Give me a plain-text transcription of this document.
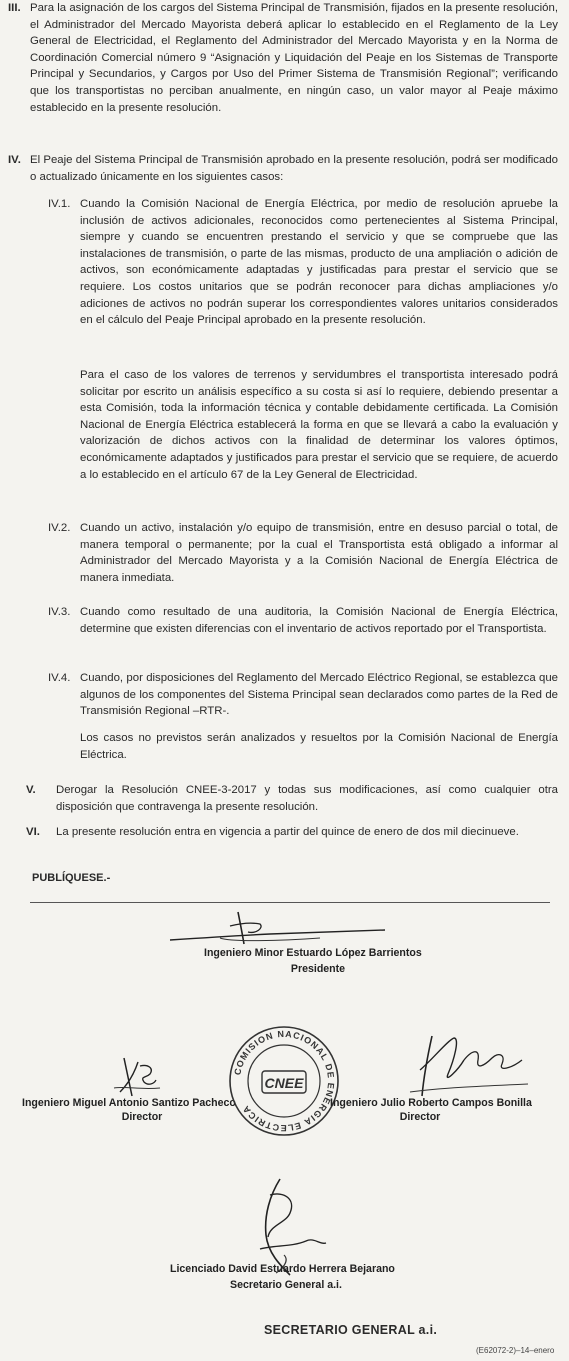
III. Para la asignación de los cargos del Sistema Principal de Transmisión, fijados en la presente resolución, el Administrador del Mercado Mayorista deberá aplicar lo establecido en el Reglamento de la Ley General de Electricidad, el Reglamento del Administrador del Mercado Mayorista y en la Norma de Coordinación Comercial número 9 “Asignación y Liquidación del Peaje en los Sistemas de Transporte Principal y Secundarios, y Cargos por Uso del Primer Sistema de Transmisión Regional”; verificando que los transportistas no perciban anualmente, en ningún caso, un valor mayor al Peaje máximo establecido en la presente resolución.

IV. El Peaje del Sistema Principal de Transmisión aprobado en la presente resolución, podrá ser modificado o actualizado únicamente en los siguientes casos:

IV.1. Cuando la Comisión Nacional de Energía Eléctrica, por medio de resolución apruebe la inclusión de activos adicionales, reconocidos como pertenecientes al Sistema Principal, siempre y cuando se encuentren prestando el servicio y que se compruebe que las instalaciones de transmisión, o parte de las mismas, producto de una ampliación o adición de activos, son económicamente adaptadas y justificadas para prestar el servicio que se requiere. Los costos unitarios que se podrán reconocer para dichas ampliaciones y/o adiciones de activos no podrán superar los correspondientes valores unitarios considerados en el cálculo del Peaje Principal aprobado en la presente resolución.

Para el caso de los valores de terrenos y servidumbres el transportista interesado podrá solicitar por escrito un análisis específico a su costa si así lo requiere, debiendo presentar a esta Comisión, toda la información técnica y contable debidamente certificada. La Comisión Nacional de Energía Eléctrica establecerá la forma en que se llevará a cabo la evaluación y valorización de dichos activos con la finalidad de determinar los valores óptimos, económicamente adaptados y justificados para prestar el servicio que se requiere, de acuerdo a lo establecido en el artículo 67 de la Ley General de Electricidad.

IV.2. Cuando un activo, instalación y/o equipo de transmisión, entre en desuso parcial o total, de manera temporal o permanente; por la cual el Transportista está obligado a informar al Administrador del Mercado Mayorista y a la Comisión Nacional de Energía Eléctrica de manera inmediata.

IV.3. Cuando como resultado de una auditoria, la Comisión Nacional de Energía Eléctrica, determine que existen diferencias con el inventario de activos reportado por el Transportista.

IV.4. Cuando, por disposiciones del Reglamento del Mercado Eléctrico Regional, se establezca que algunos de los componentes del Sistema Principal sean declarados como partes de la Red de Transmisión Regional –RTR-.

Los casos no previstos serán analizados y resueltos por la Comisión Nacional de Energía Eléctrica.

V. Derogar la Resolución CNEE-3-2017 y todas sus modificaciones, así como cualquier otra disposición que contravenga la presente resolución.

VI. La presente resolución entra en vigencia a partir del quince de enero de dos mil diecinueve.

PUBLÍQUESE.-
Ingeniero Minor Estuardo López Barrientos
Presidente
Ingeniero Miguel Antonio Santizo Pacheco
Director
COMISION NACIONAL DE ENERGIA ELECTRICA
CNEE
Ingeniero Julio Roberto Campos Bonilla
Director
Licenciado David Estuardo Herrera Bejarano
Secretario General a.i.
SECRETARIO GENERAL a.i.
(E62072-2)–14–enero
